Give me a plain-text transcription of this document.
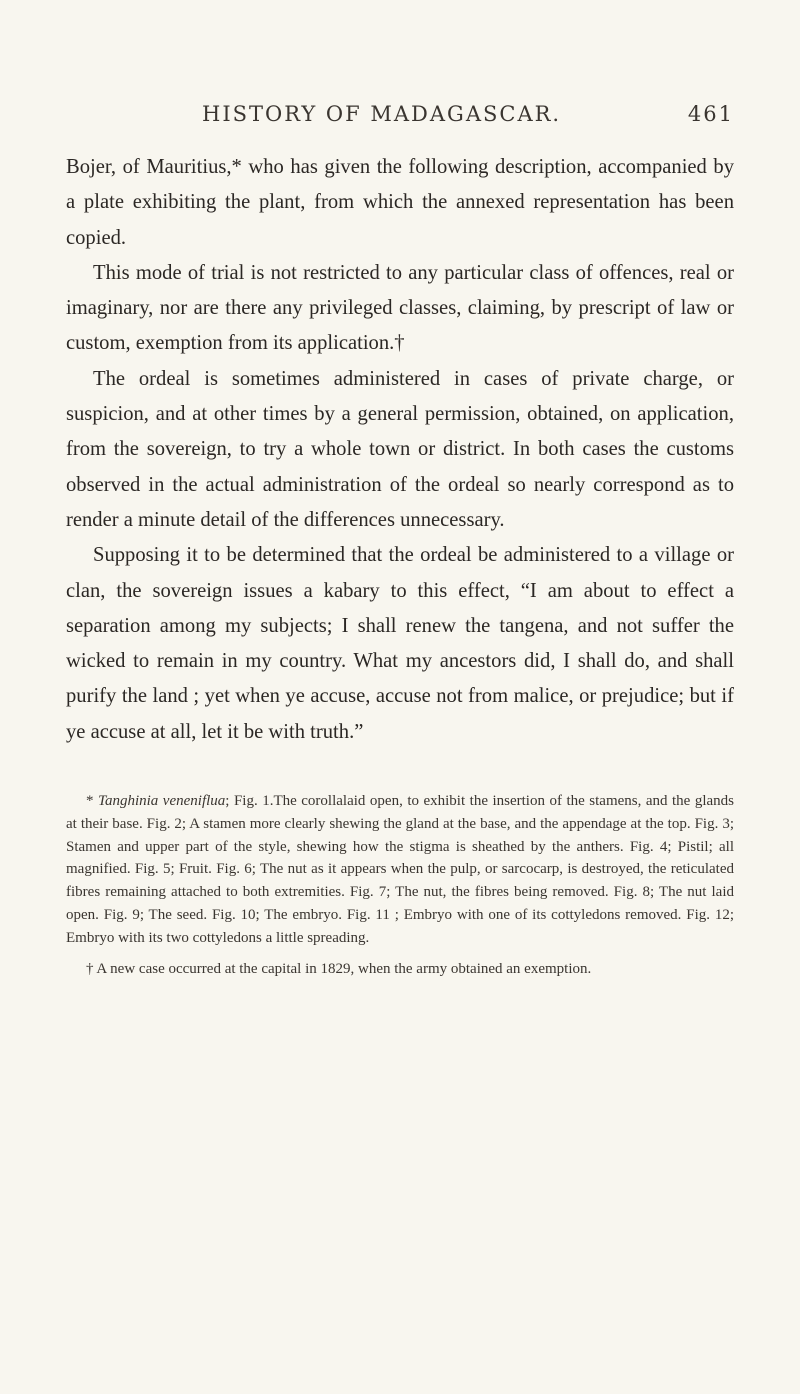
HISTORY OF MADAGASCAR.	461

Bojer, of Mauritius,* who has given the following description, accompanied by a plate exhibiting the plant, from which the annexed representation has been copied.

This mode of trial is not restricted to any particular class of offences, real or imaginary, nor are there any privileged classes, claiming, by prescript of law or custom, exemption from its application.†

The ordeal is sometimes administered in cases of private charge, or suspicion, and at other times by a general permission, obtained, on application, from the sovereign, to try a whole town or district. In both cases the customs observed in the actual administration of the ordeal so nearly correspond as to render a minute detail of the differences unnecessary.

Supposing it to be determined that the ordeal be administered to a village or clan, the sovereign issues a kabary to this effect, “I am about to effect a separation among my subjects; I shall renew the tangena, and not suffer the wicked to remain in my country. What my ancestors did, I shall do, and shall purify the land ; yet when ye accuse, accuse not from malice, or prejudice; but if ye accuse at all, let it be with truth.”

* Tanghinia veneniflua; Fig. 1.The corollalaid open, to exhibit the insertion of the stamens, and the glands at their base. Fig. 2; A stamen more clearly shewing the gland at the base, and the appendage at the top. Fig. 3; Stamen and upper part of the style, shewing how the stigma is sheathed by the anthers. Fig. 4; Pistil; all magnified. Fig. 5; Fruit. Fig. 6; The nut as it appears when the pulp, or sarcocarp, is destroyed, the reticulated fibres remaining attached to both extremities. Fig. 7; The nut, the fibres being removed. Fig. 8; The nut laid open. Fig. 9; The seed. Fig. 10; The embryo. Fig. 11 ; Embryo with one of its cottyledons removed. Fig. 12; Embryo with its two cottyledons a little spreading.

† A new case occurred at the capital in 1829, when the army obtained an exemption.
